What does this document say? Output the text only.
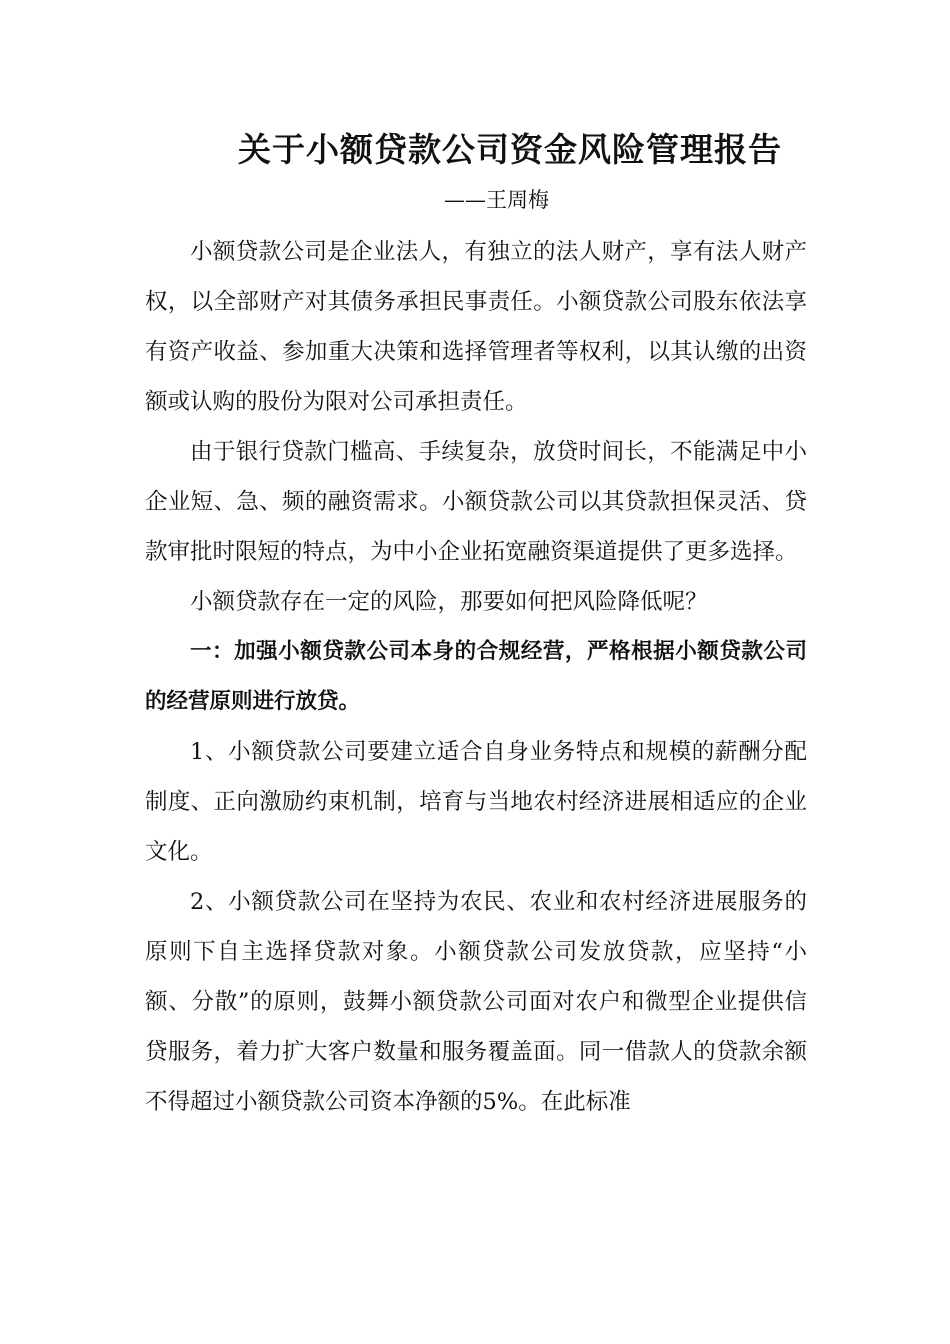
关于小额贷款公司资金风险管理报告
——王周梅

小额贷款公司是企业法人，有独立的法人财产，享有法人财产权，以全部财产对其债务承担民事责任。小额贷款公司股东依法享有资产收益、参加重大决策和选择管理者等权利，以其认缴的出资额或认购的股份为限对公司承担责任。

由于银行贷款门槛高、手续复杂，放贷时间长，不能满足中小企业短、急、频的融资需求。小额贷款公司以其贷款担保灵活、贷款审批时限短的特点，为中小企业拓宽融资渠道提供了更多选择。

小额贷款存在一定的风险，那要如何把风险降低呢？

一：加强小额贷款公司本身的合规经营，严格根据小额贷款公司的经营原则进行放贷。

1、小额贷款公司要建立适合自身业务特点和规模的薪酬分配制度、正向激励约束机制，培育与当地农村经济进展相适应的企业文化。

2、小额贷款公司在坚持为农民、农业和农村经济进展服务的原则下自主选择贷款对象。小额贷款公司发放贷款，应坚持“小额、分散”的原则，鼓舞小额贷款公司面对农户和微型企业提供信贷服务，着力扩大客户数量和服务覆盖面。同一借款人的贷款余额不得超过小额贷款公司资本净额的5%。在此标准
